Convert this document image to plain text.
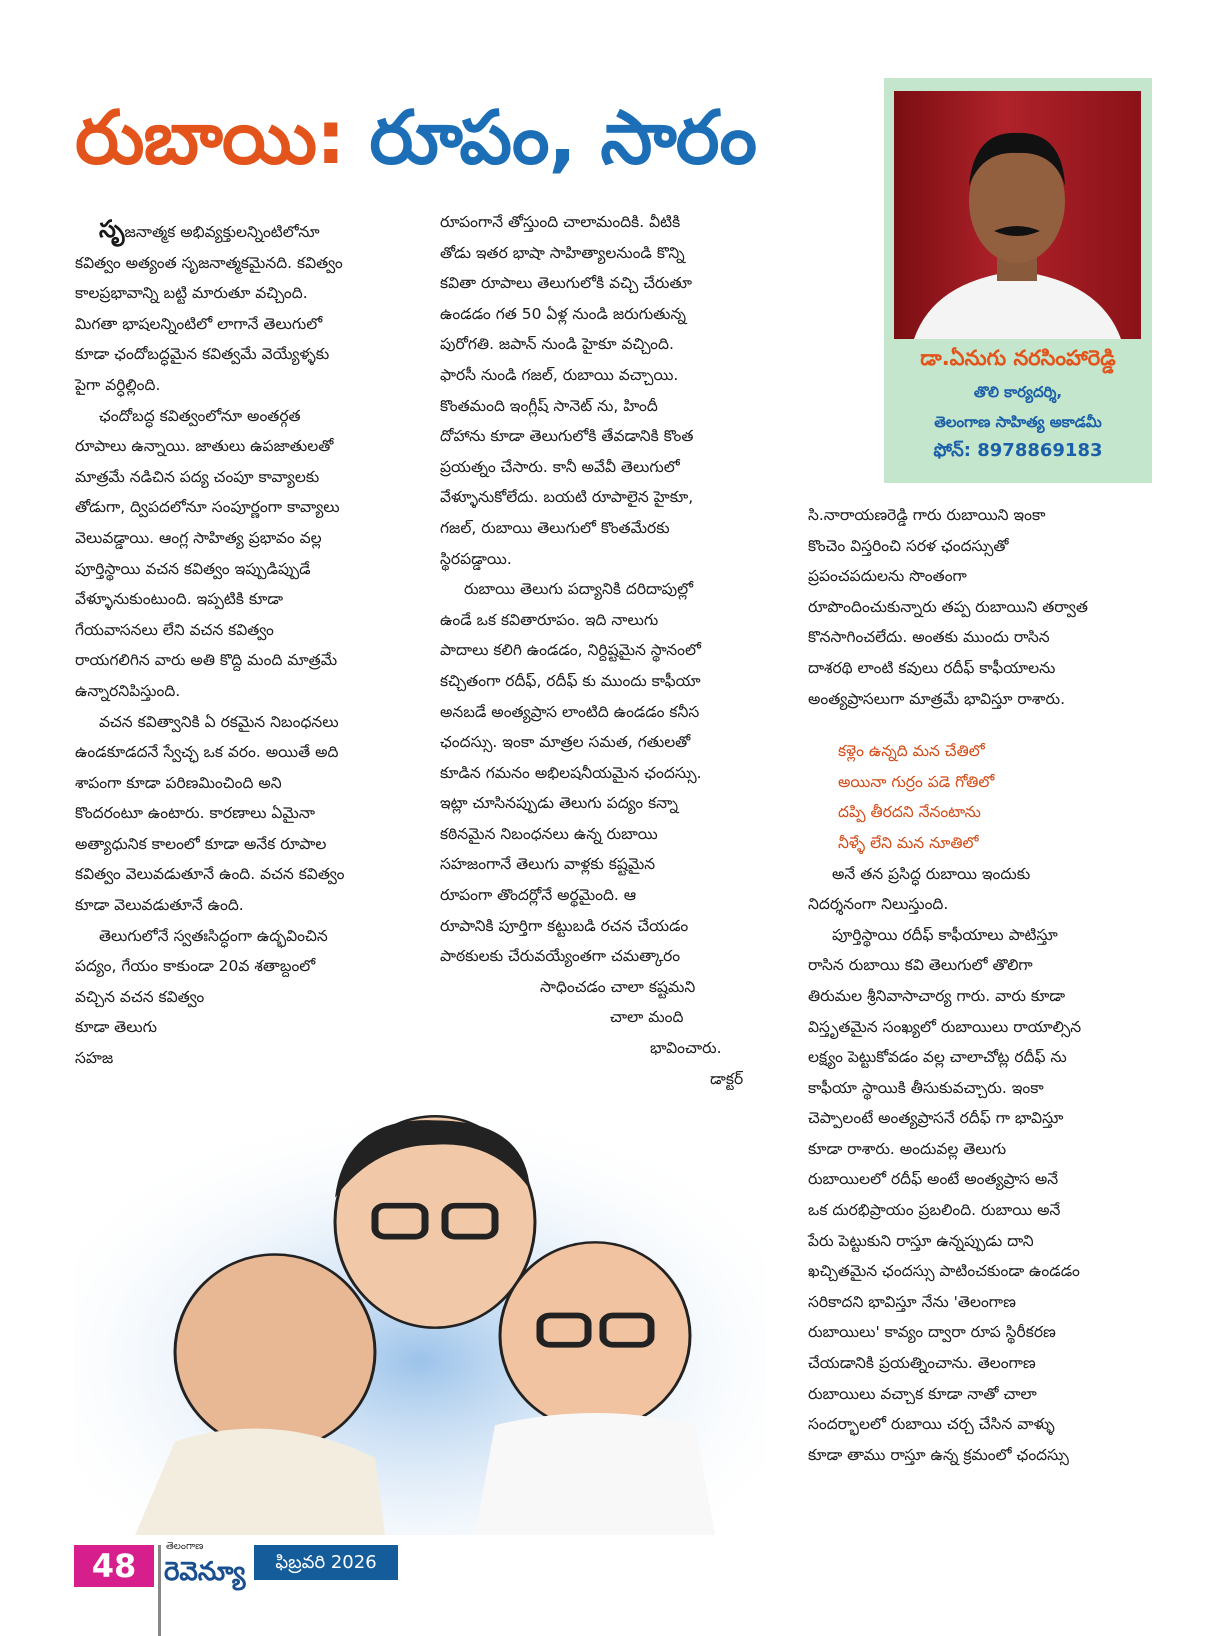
రుబాయి: రూపం, సారం
సృజనాత్మక అభివ్యక్తులన్నింటిలోనూ
కవిత్వం అత్యంత సృజనాత్మకమైనది. కవిత్వం
కాలప్రభావాన్ని బట్టి మారుతూ వచ్చింది.
మిగతా భాషలన్నింటిలో లాగానే తెలుగులో
కూడా ఛందోబద్ధమైన కవిత్వమే వెయ్యేళ్ళకు
పైగా వర్ధిల్లింది.
ఛందోబద్ధ కవిత్వంలోనూ అంతర్గత
రూపాలు ఉన్నాయి. జాతులు ఉపజాతులతో
మాత్రమే నడిచిన పద్య చంపూ కావ్యాలకు
తోడుగా, ద్విపదలోనూ సంపూర్ణంగా కావ్యాలు
వెలువడ్డాయి. ఆంగ్ల సాహిత్య ప్రభావం వల్ల
పూర్తిస్థాయి వచన కవిత్వం ఇప్పుడిప్పుడే
వేళ్ళూనుకుంటుంది. ఇప్పటికి కూడా
గేయవాసనలు లేని వచన కవిత్వం
రాయగలిగిన వారు అతి కొద్ది మంది మాత్రమే
ఉన్నారనిపిస్తుంది.
వచన కవిత్వానికి ఏ రకమైన నిబంధనలు
ఉండకూడదనే స్వేచ్ఛ ఒక వరం. అయితే అది
శాపంగా కూడా పరిణమించింది అని
కొందరంటూ ఉంటారు. కారణాలు ఏమైనా
అత్యాధునిక కాలంలో కూడా అనేక రూపాల
కవిత్వం వెలువడుతూనే ఉంది. వచన కవిత్వం
కూడా వెలువడుతూనే ఉంది.
తెలుగులోనే స్వతఃసిద్ధంగా ఉద్భవించిన
పద్యం, గేయం కాకుండా 20వ శతాబ్దంలో
వచ్చిన వచన కవిత్వం
కూడా తెలుగు
సహజ
రూపంగానే తోస్తుంది చాలామందికి. వీటికి
తోడు ఇతర భాషా సాహిత్యాలనుండి కొన్ని
కవితా రూపాలు తెలుగులోకి వచ్చి చేరుతూ
ఉండడం గత 50 ఏళ్ల నుండి జరుగుతున్న
పురోగతి. జపాన్ నుండి హైకూ వచ్చింది.
ఫారసీ నుండి గజల్, రుబాయి వచ్చాయి.
కొంతమంది ఇంగ్లీష్ సానెట్ ను, హిందీ
దోహాను కూడా తెలుగులోకి తేవడానికి కొంత
ప్రయత్నం చేసారు. కానీ అవేవీ తెలుగులో
వేళ్ళూనుకోలేదు. బయటి రూపాలైన హైకూ,
గజల్, రుబాయి తెలుగులో కొంతమేరకు
స్థిరపడ్డాయి.
రుబాయి తెలుగు పద్యానికి దరిదాపుల్లో
ఉండే ఒక కవితారూపం. ఇది నాలుగు
పాదాలు కలిగి ఉండడం, నిర్దిష్టమైన స్థానంలో
కచ్చితంగా రదీఫ్, రదీఫ్ కు ముందు కాఫీయా
అనబడే అంత్యప్రాస లాంటిది ఉండడం కనీస
ఛందస్సు. ఇంకా మాత్రల సమత, గతులతో
కూడిన గమనం అభిలషనీయమైన ఛందస్సు.
ఇట్లా చూసినప్పుడు తెలుగు పద్యం కన్నా
కఠినమైన నిబంధనలు ఉన్న రుబాయి
సహజంగానే తెలుగు వాళ్లకు కష్టమైన
రూపంగా తొందర్లోనే అర్థమైంది. ఆ
రూపానికి పూర్తిగా కట్టుబడి రచన చేయడం
పాఠకులకు చేరువయ్యేంతగా చమత్కారం
సాధించడం చాలా కష్టమని
చాలా మంది
భావించారు.
డాక్టర్
సి.నారాయణరెడ్డి గారు రుబాయిని ఇంకా
కొంచెం విస్తరించి సరళ ఛందస్సుతో
ప్రపంచపదులను సొంతంగా
రూపొందించుకున్నారు తప్ప రుబాయిని తర్వాత
కొనసాగించలేదు. అంతకు ముందు రాసిన
దాశరథి లాంటి కవులు రదీఫ్ కాఫీయాలను
అంత్యప్రాసలుగా మాత్రమే భావిస్తూ రాశారు.
కళ్లెం ఉన్నది మన చేతిలో
అయినా గుర్రం పడె గోతిలో
దప్పి తీరదని నేనంటాను
నీళ్ళే లేని మన నూతిలో
అనే తన ప్రసిద్ధ రుబాయి ఇందుకు
నిదర్శనంగా నిలుస్తుంది.
పూర్తిస్థాయి రదీఫ్ కాఫీయాలు పాటిస్తూ
రాసిన రుబాయి కవి తెలుగులో తొలిగా
తిరుమల శ్రీనివాసాచార్య గారు. వారు కూడా
విస్తృతమైన సంఖ్యలో రుబాయిలు రాయాల్సిన
లక్ష్యం పెట్టుకోవడం వల్ల చాలాచోట్ల రదీఫ్ ను
కాఫీయా స్థాయికి తీసుకువచ్చారు. ఇంకా
చెప్పాలంటే అంత్యప్రాసనే రదీఫ్ గా భావిస్తూ
కూడా రాశారు. అందువల్ల తెలుగు
రుబాయిలలో రదీఫ్ అంటే అంత్యప్రాస అనే
ఒక దురభిప్రాయం ప్రబలింది. రుబాయి అనే
పేరు పెట్టుకుని రాస్తూ ఉన్నప్పుడు దాని
ఖచ్చితమైన ఛందస్సు పాటించకుండా ఉండడం
సరికాదని భావిస్తూ నేను 'తెలంగాణ
రుబాయిలు' కావ్యం ద్వారా రూప స్థిరీకరణ
చేయడానికి ప్రయత్నించాను. తెలంగాణ
రుబాయిలు వచ్చాక కూడా నాతో చాలా
సందర్భాలలో రుబాయి చర్చ చేసిన వాళ్ళు
కూడా తాము రాస్తూ ఉన్న క్రమంలో ఛందస్సు
డా.ఏనుగు నరసింహారెడ్డి
తొలి కార్యదర్శి,
తెలంగాణ సాహిత్య అకాడమీ
ఫోన్: 8978869183
48
తెలంగాణ
రెవెన్యూ	ఫిబ్రవరి 2026
